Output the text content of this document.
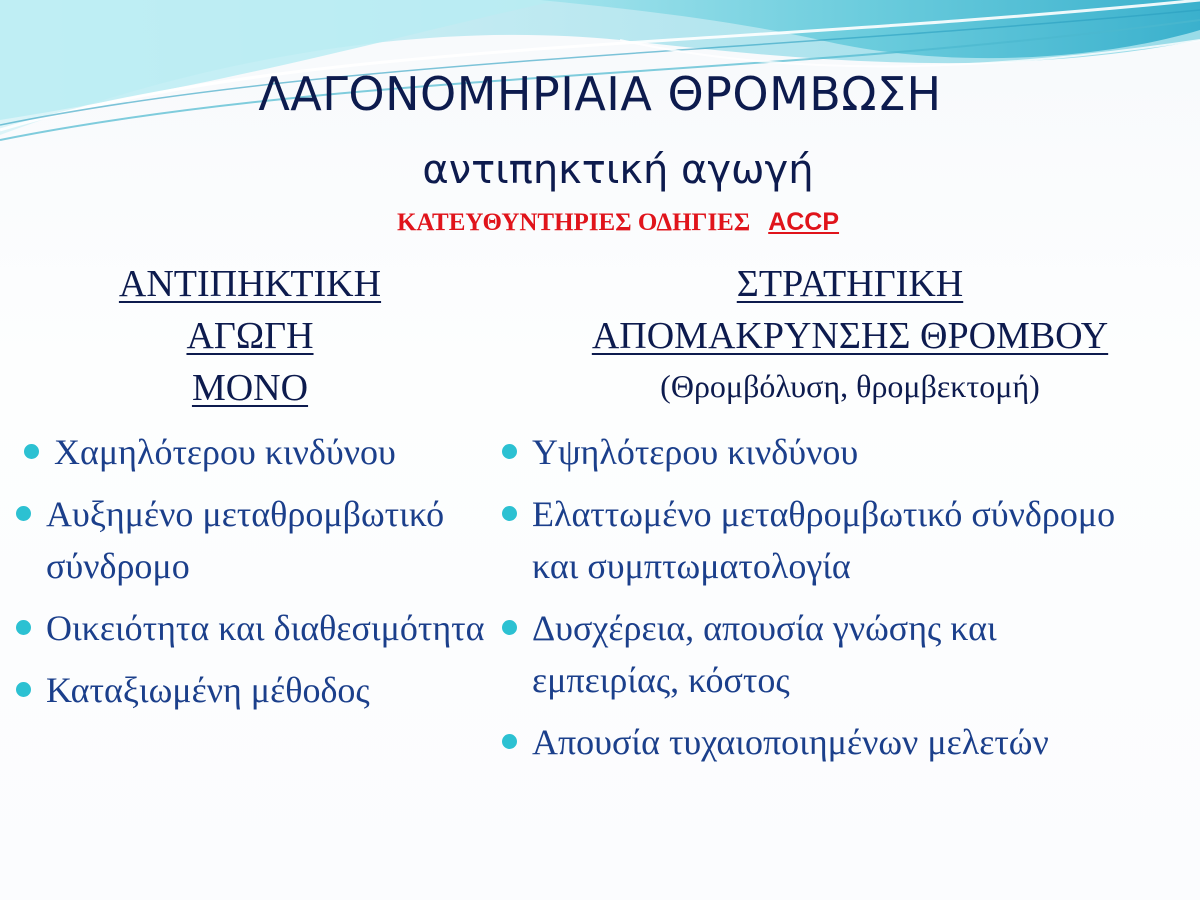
ΛΑΓΟΝΟΜΗΡΙΑΙΑ ΘΡΟΜΒΩΣΗ
αντιπηκτική αγωγή
ΚΑΤΕΥΘΥΝΤΗΡΙΕΣ ΟΔΗΓΙΕΣ ACCP
ΑΝΤΙΠΗΚΤΙΚΗ
ΑΓΩΓΗ
ΜΟΝΟ
ΣΤΡΑΤΗΓΙΚΗ
ΑΠΟΜΑΚΡΥΝΣΗΣ ΘΡΟΜΒΟΥ
(Θρομβόλυση, θρομβεκτομή)
Χαμηλότερου κινδύνου
Αυξημένο μεταθρομβωτικό σύνδρομο
Οικειότητα και διαθεσιμότητα
Καταξιωμένη μέθοδος
Υψηλότερου κινδύνου
Ελαττωμένο μεταθρομβωτικό σύνδρομο και συμπτωματολογία
Δυσχέρεια, απουσία γνώσης και εμπειρίας, κόστος
Απουσία τυχαιοποιημένων μελετών
